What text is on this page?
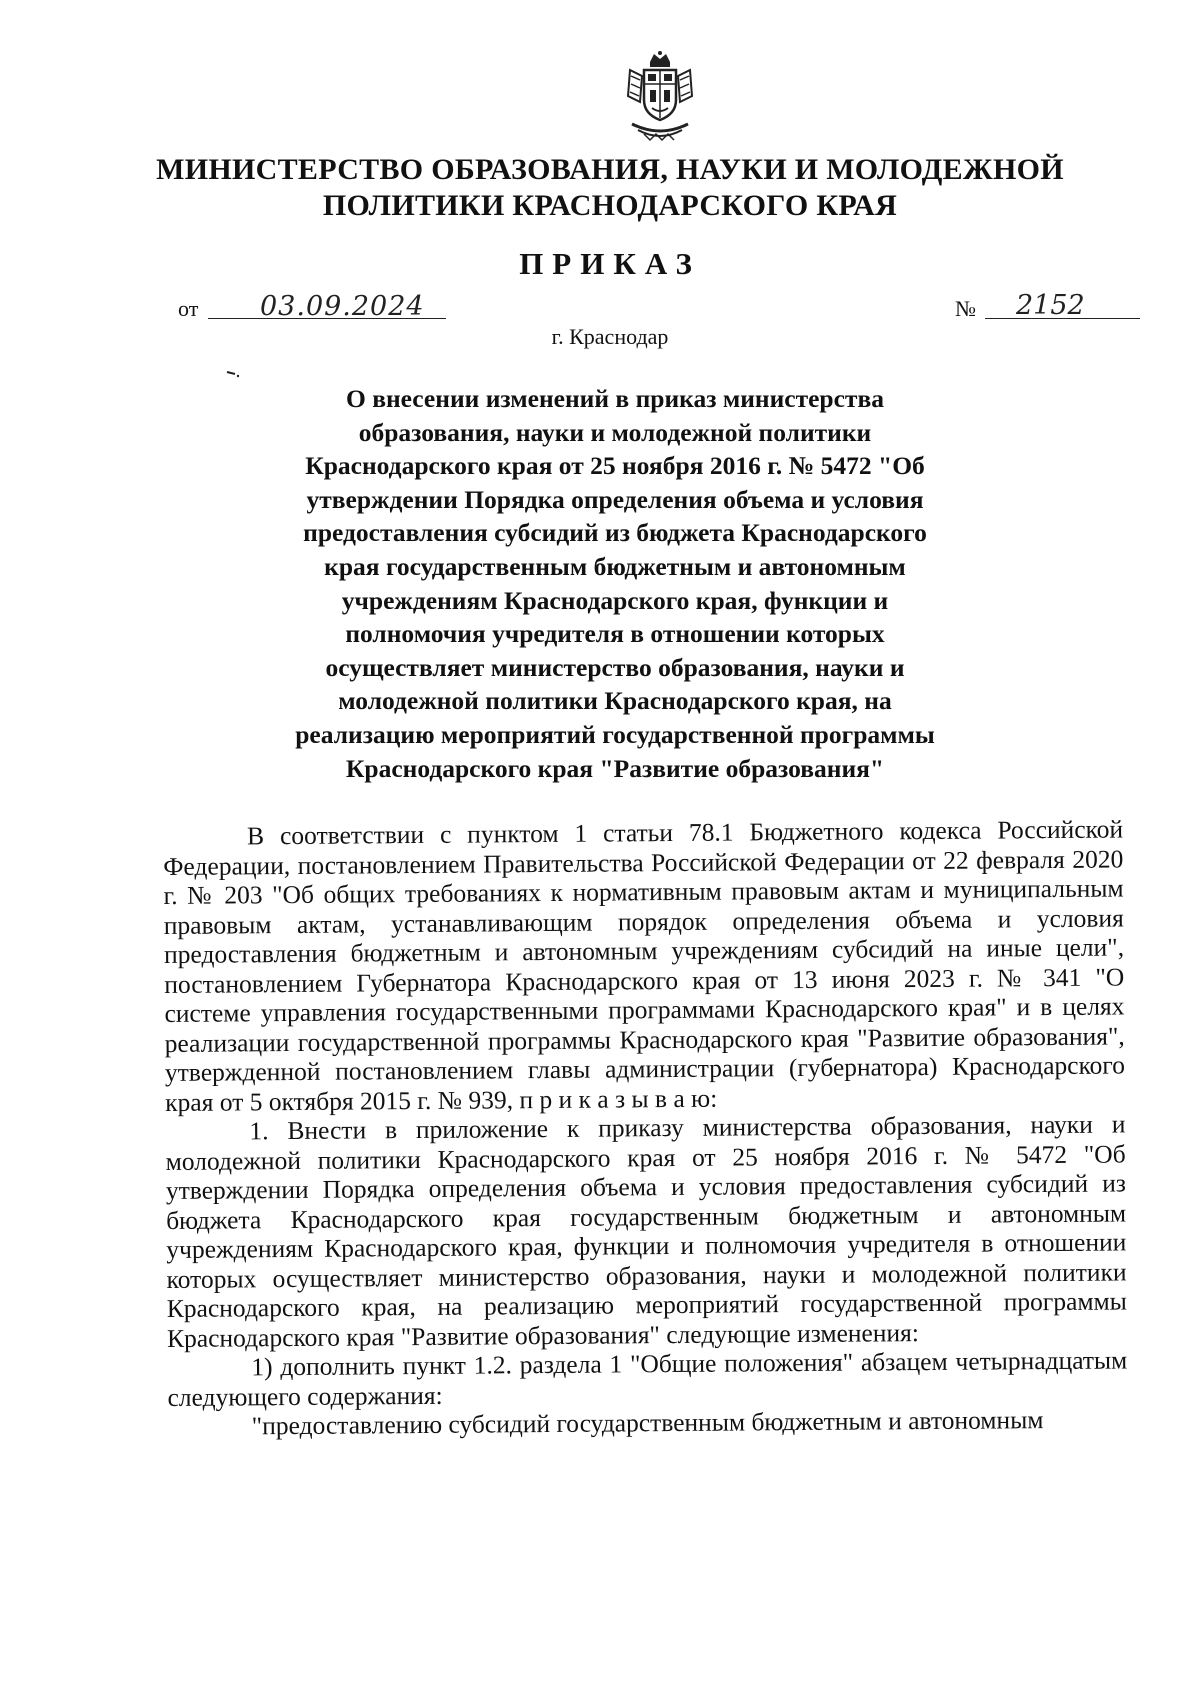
МИНИСТЕРСТВО ОБРАЗОВАНИЯ, НАУКИ И МОЛОДЕЖНОЙ ПОЛИТИКИ КРАСНОДАРСКОГО КРАЯ
ПРИКАЗ
от 03.09.2024	№ 2152
г. Краснодар
О внесении изменений в приказ министерства образования, науки и молодежной политики Краснодарского края от 25 ноября 2016 г. № 5472 "Об утверждении Порядка определения объема и условия предоставления субсидий из бюджета Краснодарского края государственным бюджетным и автономным учреждениям Краснодарского края, функции и полномочия учредителя в отношении которых осуществляет министерство образования, науки и молодежной политики Краснодарского края, на реализацию мероприятий государственной программы Краснодарского края "Развитие образования"

В соответствии с пунктом 1 статьи 78.1 Бюджетного кодекса Российской Федерации, постановлением Правительства Российской Федерации от 22 февраля 2020 г. № 203 "Об общих требованиях к нормативным правовым актам и муниципальным правовым актам, устанавливающим порядок определения объема и условия предоставления бюджетным и автономным учреждениям субсидий на иные цели", постановлением Губернатора Краснодарского края от 13 июня 2023 г. № 341 "О системе управления государственными программами Краснодарского края" и в целях реализации государственной программы Краснодарского края "Развитие образования", утвержденной постановлением главы администрации (губернатора) Краснодарского края от 5 октября 2015 г. № 939, п р и к а з ы в а ю:

1. Внести в приложение к приказу министерства образования, науки и молодежной политики Краснодарского края от 25 ноября 2016 г. № 5472 "Об утверждении Порядка определения объема и условия предоставления субсидий из бюджета Краснодарского края государственным бюджетным и автономным учреждениям Краснодарского края, функции и полномочия учредителя в отношении которых осуществляет министерство образования, науки и молодежной политики Краснодарского края, на реализацию мероприятий государственной программы Краснодарского края "Развитие образования" следующие изменения:

1) дополнить пункт 1.2. раздела 1 "Общие положения" абзацем четырнадцатым следующего содержания:

"предоставлению субсидий государственным бюджетным и автономным
